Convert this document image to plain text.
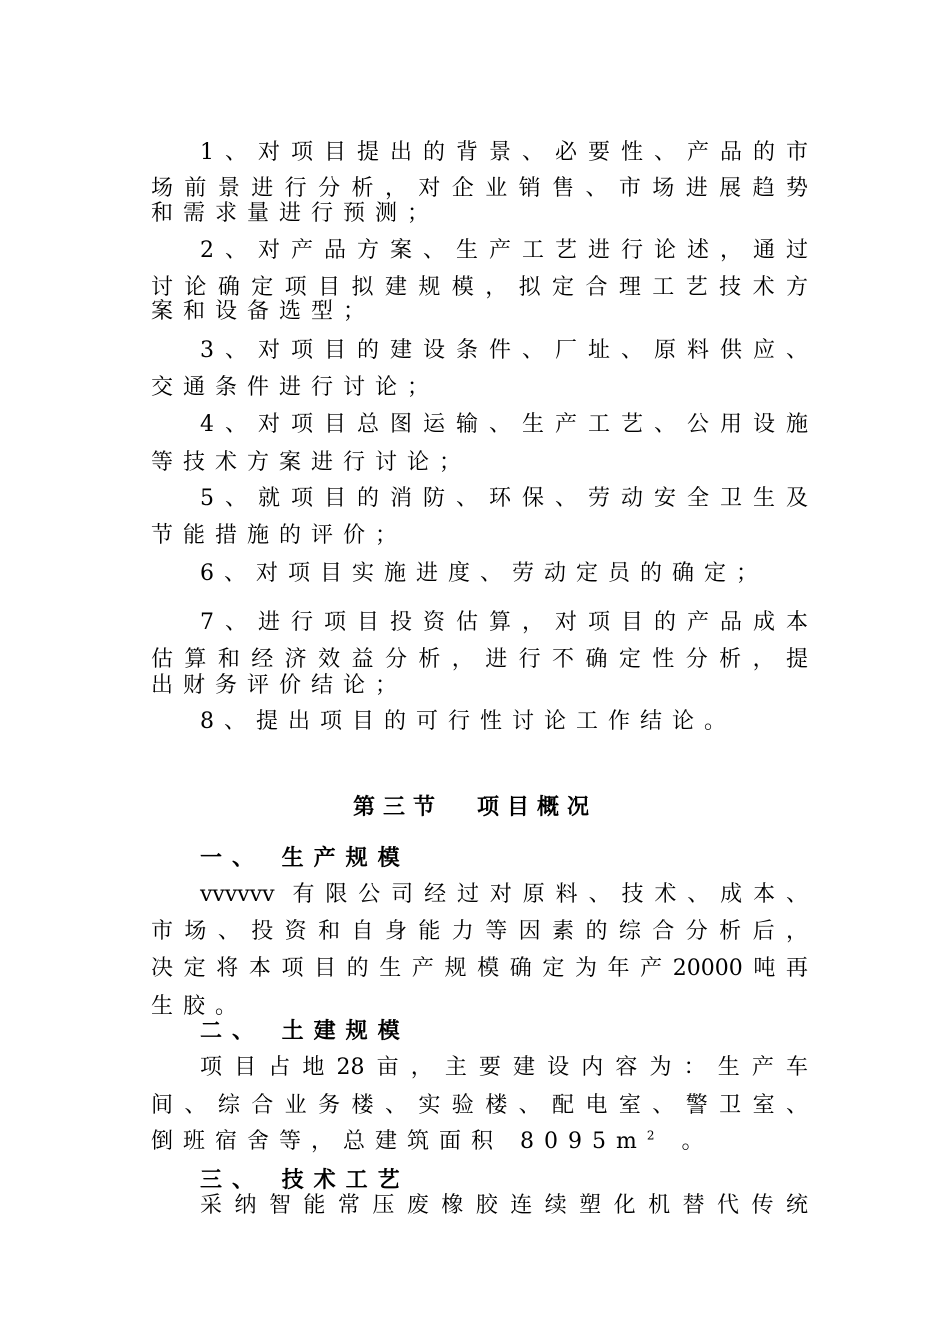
1、对项目提出的背景、必要性、产品的市
场前景进行分析，对企业销售、市场进展趋势
和需求量进行预测；
2、对产品方案、生产工艺进行论述，通过
讨论确定项目拟建规模，拟定合理工艺技术方
案和设备选型；
3、对项目的建设条件、厂址、原料供应、
交通条件进行讨论；
4、对项目总图运输、生产工艺、公用设施
等技术方案进行讨论；
5、就项目的消防、环保、劳动安全卫生及
节能措施的评价；
6、对项目实施进度、劳动定员的确定；
7、进行项目投资估算，对项目的产品成本
估算和经济效益分析，进行不确定性分析，提
出财务评价结论；
8、提出项目的可行性讨论工作结论。
第三节 项目概况
一、 生产规模
vvvvvv 有限公司经过对原料、技术、成本、
市场、投资和自身能力等因素的综合分析后，
决定将本项目的生产规模确定为年产20000吨再
生胶。
二、 土建规模
项目占地28亩，主要建设内容为：生产车
间、综合业务楼、实验楼、配电室、警卫室、
倒班宿舍等，总建筑面积 $8095m^2$ 。
三、 技术工艺
采纳智能常压废橡胶连续塑化机替代传统
